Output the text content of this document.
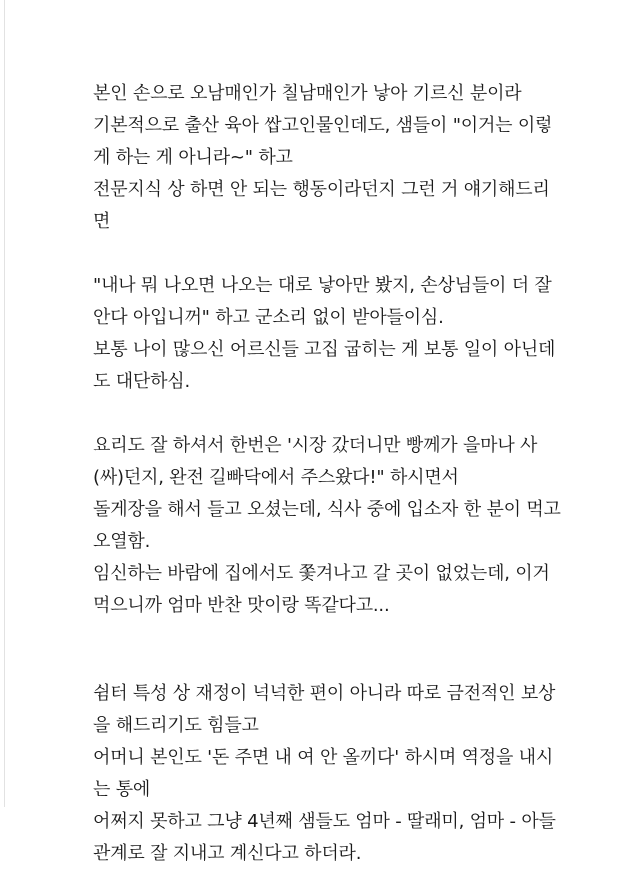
본인 손으로 오남매인가 칠남매인가 낳아 기르신 분이라
기본적으로 출산 육아 쌉고인물인데도, 샘들이 "이거는 이렇
게 하는 게 아니라~" 하고
전문지식 상 하면 안 되는 행동이라던지 그런 거 얘기해드리
면
"내나 뭐 나오면 나오는 대로 낳아만 봤지, 손상님들이 더 잘
안다 아입니꺼" 하고 군소리 없이 받아들이심.
보통 나이 많으신 어르신들 고집 굽히는 게 보통 일이 아닌데
도 대단하심.
요리도 잘 하셔서 한번은 '시장 갔더니만 빵께가 을마나 사
(싸)던지, 완전 길빠닥에서 주스왔다!" 하시면서
돌게장을 해서 들고 오셨는데, 식사 중에 입소자 한 분이 먹고
오열함.
임신하는 바람에 집에서도 쫓겨나고 갈 곳이 없었는데, 이거
먹으니까 엄마 반찬 맛이랑 똑같다고...
쉼터 특성 상 재정이 넉넉한 편이 아니라 따로 금전적인 보상
을 해드리기도 힘들고
어머니 본인도 '돈 주면 내 여 안 올끼다' 하시며 역정을 내시
는 통에
어쩌지 못하고 그냥 4년째 샘들도 엄마 - 딸래미, 엄마 - 아들
관계로 잘 지내고 계신다고 하더라.
